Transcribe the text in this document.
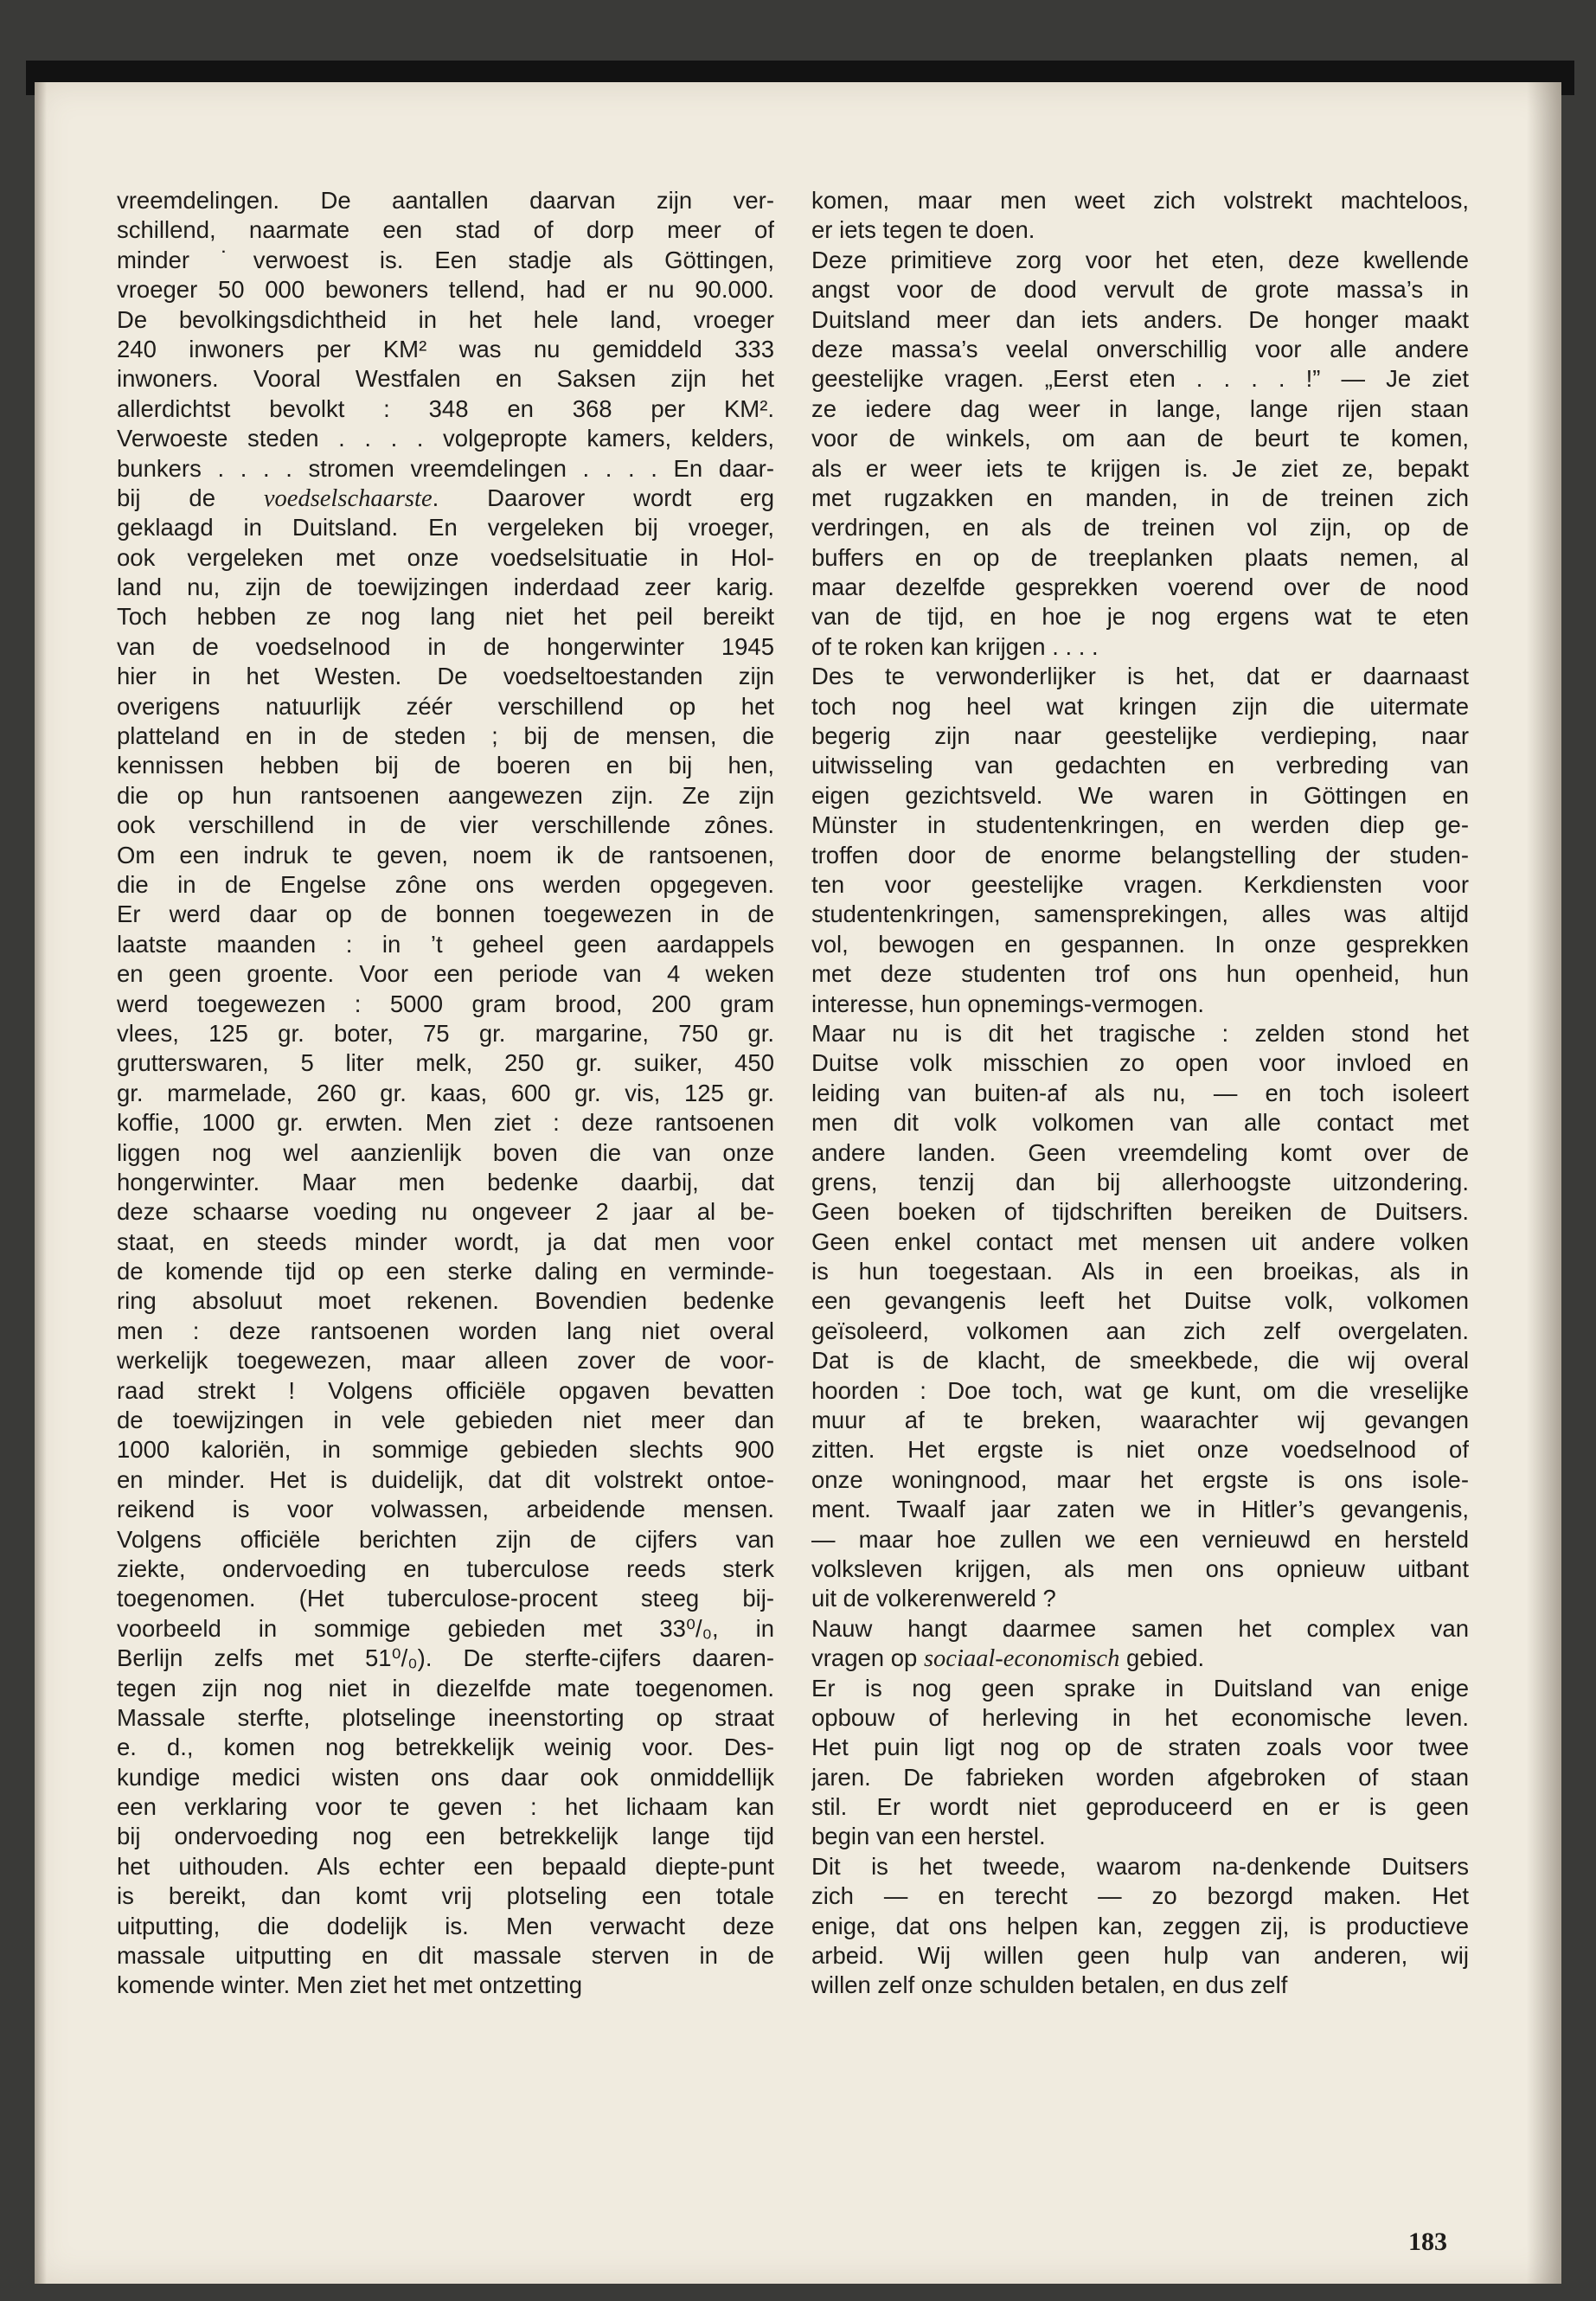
vreemdelingen. De aantallen daarvan zijn ver-
schillend, naarmate een stad of dorp meer of
minder ˙verwoest is. Een stadje als Göttingen,
vroeger 50 000 bewoners tellend, had er nu 90.000.
De bevolkingsdichtheid in het hele land, vroeger
240 inwoners per KM² was nu gemiddeld 333
inwoners. Vooral Westfalen en Saksen zijn het
allerdichtst bevolkt : 348 en 368 per KM².
Verwoeste steden . . . . volgepropte kamers, kelders,
bunkers . . . . stromen vreemdelingen . . . . En daar-
bij de voedselschaarste. Daarover wordt erg
geklaagd in Duitsland. En vergeleken bij vroeger,
ook vergeleken met onze voedselsituatie in Hol-
land nu, zijn de toewijzingen inderdaad zeer karig.
Toch hebben ze nog lang niet het peil bereikt
van de voedselnood in de hongerwinter 1945
hier in het Westen. De voedseltoestanden zijn
overigens natuurlijk zéér verschillend op het
platteland en in de steden ; bij de mensen, die
kennissen hebben bij de boeren en bij hen,
die op hun rantsoenen aangewezen zijn. Ze zijn
ook verschillend in de vier verschillende zônes.
Om een indruk te geven, noem ik de rantsoenen,
die in de Engelse zône ons werden opgegeven.
Er werd daar op de bonnen toegewezen in de
laatste maanden : in ’t geheel geen aardappels
en geen groente. Voor een periode van 4 weken
werd toegewezen : 5000 gram brood, 200 gram
vlees, 125 gr. boter, 75 gr. margarine, 750 gr.
grutterswaren, 5 liter melk, 250 gr. suiker, 450
gr. marmelade, 260 gr. kaas, 600 gr. vis, 125 gr.
koffie, 1000 gr. erwten. Men ziet : deze rantsoenen
liggen nog wel aanzienlijk boven die van onze
hongerwinter. Maar men bedenke daarbij, dat
deze schaarse voeding nu ongeveer 2 jaar al be-
staat, en steeds minder wordt, ja dat men voor
de komende tijd op een sterke daling en verminde-
ring absoluut moet rekenen. Bovendien bedenke
men : deze rantsoenen worden lang niet overal
werkelijk toegewezen, maar alleen zover de voor-
raad strekt ! Volgens officiële opgaven bevatten
de toewijzingen in vele gebieden niet meer dan
1000 kaloriën, in sommige gebieden slechts 900
en minder. Het is duidelijk, dat dit volstrekt ontoe-
reikend is voor volwassen, arbeidende mensen.
Volgens officiële berichten zijn de cijfers van
ziekte, ondervoeding en tuberculose reeds sterk
toegenomen. (Het tuberculose-procent steeg bij-
voorbeeld in sommige gebieden met 33⁰/₀, in
Berlijn zelfs met 51⁰/₀). De sterfte-cijfers daaren-
tegen zijn nog niet in diezelfde mate toegenomen.
Massale sterfte, plotselinge ineenstorting op straat
e. d., komen nog betrekkelijk weinig voor. Des-
kundige medici wisten ons daar ook onmiddellijk
een verklaring voor te geven : het lichaam kan
bij ondervoeding nog een betrekkelijk lange tijd
het uithouden. Als echter een bepaald diepte-punt
is bereikt, dan komt vrij plotseling een totale
uitputting, die dodelijk is. Men verwacht deze
massale uitputting en dit massale sterven in de
komende winter. Men ziet het met ontzetting
komen, maar men weet zich volstrekt machteloos,
er iets tegen te doen.
Deze primitieve zorg voor het eten, deze kwellende
angst voor de dood vervult de grote massa’s in
Duitsland meer dan iets anders. De honger maakt
deze massa’s veelal onverschillig voor alle andere
geestelijke vragen. „Eerst eten . . . . !” — Je ziet
ze iedere dag weer in lange, lange rijen staan
voor de winkels, om aan de beurt te komen,
als er weer iets te krijgen is. Je ziet ze, bepakt
met rugzakken en manden, in de treinen zich
verdringen, en als de treinen vol zijn, op de
buffers en op de treeplanken plaats nemen, al
maar dezelfde gesprekken voerend over de nood
van de tijd, en hoe je nog ergens wat te eten
of te roken kan krijgen . . . .
Des te verwonderlijker is het, dat er daarnaast
toch nog heel wat kringen zijn die uitermate
begerig zijn naar geestelijke verdieping, naar
uitwisseling van gedachten en verbreding van
eigen gezichtsveld. We waren in Göttingen en
Münster in studentenkringen, en werden diep ge-
troffen door de enorme belangstelling der studen-
ten voor geestelijke vragen. Kerkdiensten voor
studentenkringen, samensprekingen, alles was altijd
vol, bewogen en gespannen. In onze gesprekken
met deze studenten trof ons hun openheid, hun
interesse, hun opnemings-vermogen.
Maar nu is dit het tragische : zelden stond het
Duitse volk misschien zo open voor invloed en
leiding van buiten-af als nu, — en toch isoleert
men dit volk volkomen van alle contact met
andere landen. Geen vreemdeling komt over de
grens, tenzij dan bij allerhoogste uitzondering.
Geen boeken of tijdschriften bereiken de Duitsers.
Geen enkel contact met mensen uit andere volken
is hun toegestaan. Als in een broeikas, als in
een gevangenis leeft het Duitse volk, volkomen
geïsoleerd, volkomen aan zich zelf overgelaten.
Dat is de klacht, de smeekbede, die wij overal
hoorden : Doe toch, wat ge kunt, om die vreselijke
muur af te breken, waarachter wij gevangen
zitten. Het ergste is niet onze voedselnood of
onze woningnood, maar het ergste is ons isole-
ment. Twaalf jaar zaten we in Hitler’s gevangenis,
— maar hoe zullen we een vernieuwd en hersteld
volksleven krijgen, als men ons opnieuw uitbant
uit de volkerenwereld ?
Nauw hangt daarmee samen het complex van
vragen op sociaal-economisch gebied.
Er is nog geen sprake in Duitsland van enige
opbouw of herleving in het economische leven.
Het puin ligt nog op de straten zoals voor twee
jaren. De fabrieken worden afgebroken of staan
stil. Er wordt niet geproduceerd en er is geen
begin van een herstel.
Dit is het tweede, waarom na-denkende Duitsers
zich — en terecht — zo bezorgd maken. Het
enige, dat ons helpen kan, zeggen zij, is productieve
arbeid. Wij willen geen hulp van anderen, wij
willen zelf onze schulden betalen, en dus zelf
183
